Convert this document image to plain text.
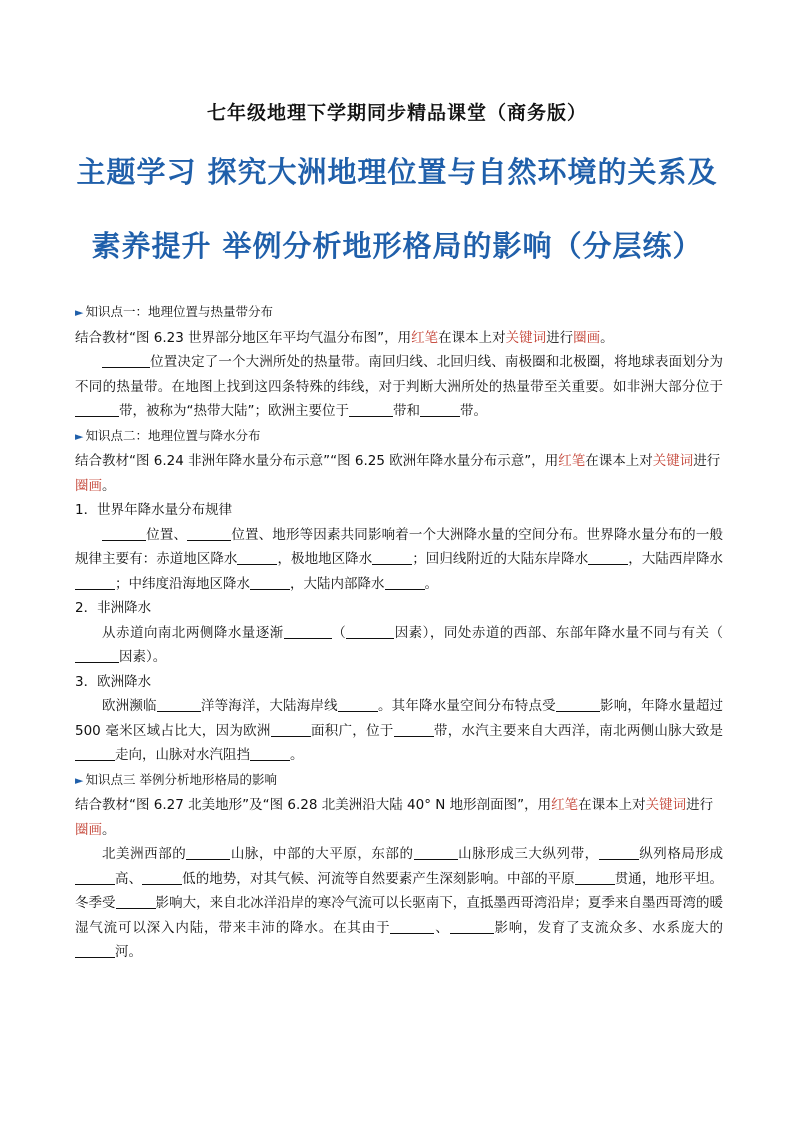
七年级地理下学期同步精品课堂（商务版）
主题学习 探究大洲地理位置与自然环境的关系及
素养提升 举例分析地形格局的影响（分层练）

► 知识点一：地理位置与热量带分布

结合教材“图 6.23 世界部分地区年平均气温分布图”，用红笔在课本上对关键词进行圈画。

位置决定了一个大洲所处的热量带。南回归线、北回归线、南极圈和北极圈，将地球表面划分为不同的热量带。在地图上找到这四条特殊的纬线，对于判断大洲所处的热量带至关重要。如非洲大部分位于带，被称为“热带大陆”；欧洲主要位于	带和	带。

► 知识点二：地理位置与降水分布

结合教材“图 6.24 非洲年降水量分布示意”“图 6.25 欧洲年降水量分布示意”，用红笔在课本上对关键词进行圈画。

1．世界年降水量分布规律

位置、	位置、地形等因素共同影响着一个大洲降水量的空间分布。世界降水量分布的一般规律主要有：赤道地区降水	，极地地区降水	；回归线附近的大陆东岸降水	，大陆西岸降水；中纬度沿海地区降水	，大陆内部降水	。

2．非洲降水

从赤道向南北两侧降水量逐渐	（	因素），同处赤道的西部、东部年降水量不同与有关（因素）。

3．欧洲降水

欧洲濒临	洋等海洋，大陆海岸线	。其年降水量空间分布特点受	影响，年降水量超过 500 毫米区域占比大，因为欧洲	面积广，位于	带，水汽主要来自大西洋，南北两侧山脉大致是走向，山脉对水汽阻挡	。

► 知识点三 举例分析地形格局的影响

结合教材“图 6.27 北美地形”及“图 6.28 北美洲沿大陆 40° N 地形剖面图”，用红笔在课本上对关键词进行圈画。

北美洲西部的	山脉，中部的大平原，东部的	山脉形成三大纵列带，	纵列格局形成高、	低的地势，对其气候、河流等自然要素产生深刻影响。中部的平原	贯通，地形平坦。冬季受	影响大，来自北冰洋沿岸的寒冷气流可以长驱南下，直抵墨西哥湾沿岸；夏季来自墨西哥湾的暖湿气流可以深入内陆，带来丰沛的降水。在其由于	、	影响，发育了支流众多、水系庞大的河。
